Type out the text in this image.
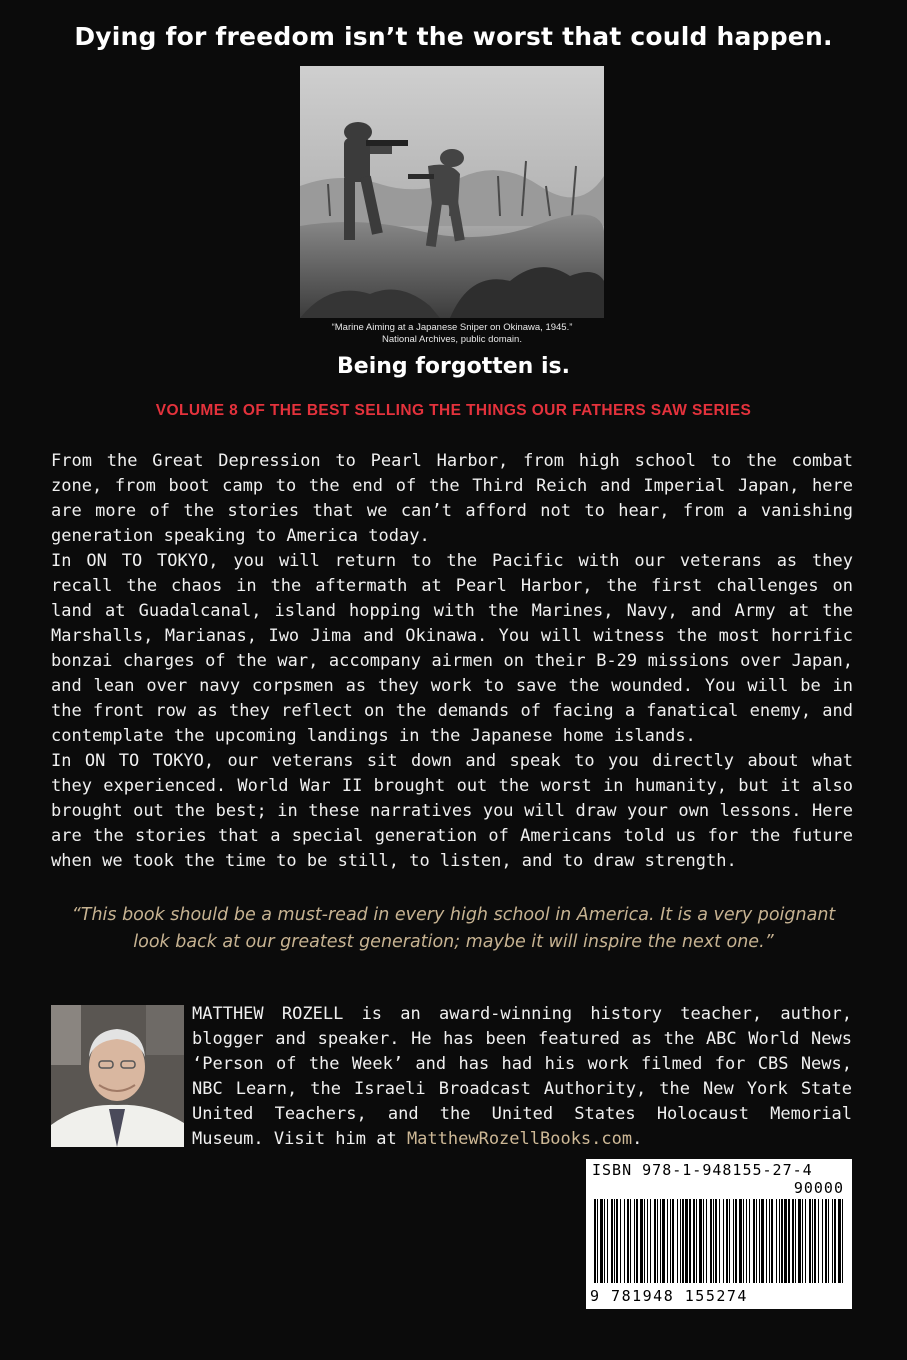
Dying for freedom isn’t the worst that could happen.
“Marine Aiming at a Japanese Sniper on Okinawa, 1945.”
National Archives, public domain.
Being forgotten is.
VOLUME 8 OF THE BEST SELLING THE THINGS OUR FATHERS SAW SERIES

From the Great Depression to Pearl Harbor, from high school to the combat zone, from boot camp to the end of the Third Reich and Imperial Japan, here are more of the stories that we can’t afford not to hear, from a vanishing generation speaking to America today.

In ON TO TOKYO, you will return to the Pacific with our veterans as they recall the chaos in the aftermath at Pearl Harbor, the first challenges on land at Guadalcanal, island hopping with the Marines, Navy, and Army at the Marshalls, Marianas, Iwo Jima and Okinawa. You will witness the most horrific bonzai charges of the war, accompany airmen on their B-29 missions over Japan, and lean over navy corpsmen as they work to save the wounded. You will be in the front row as they reflect on the demands of facing a fanatical enemy, and contemplate the upcoming landings in the Japanese home islands.

In ON TO TOKYO, our veterans sit down and speak to you directly about what they experienced. World War II brought out the worst in humanity, but it also brought out the best; in these narratives you will draw your own lessons. Here are the stories that a special generation of Americans told us for the future when we took the time to be still, to listen, and to draw strength.

“This book should be a must-read in every high school in America. It is a very poignant look back at our greatest generation; maybe it will inspire the next one.”

MATTHEW ROZELL is an award-winning history teacher, author, blogger and speaker. He has been featured as the ABC World News ‘Person of the Week’ and has had his work filmed for CBS News, NBC Learn, the Israeli Broadcast Authority, the New York State United Teachers, and the United States Holocaust Memorial Museum. Visit him at MatthewRozellBooks.com.

ISBN 978-1-948155-27-4
90000
9 781948 155274
